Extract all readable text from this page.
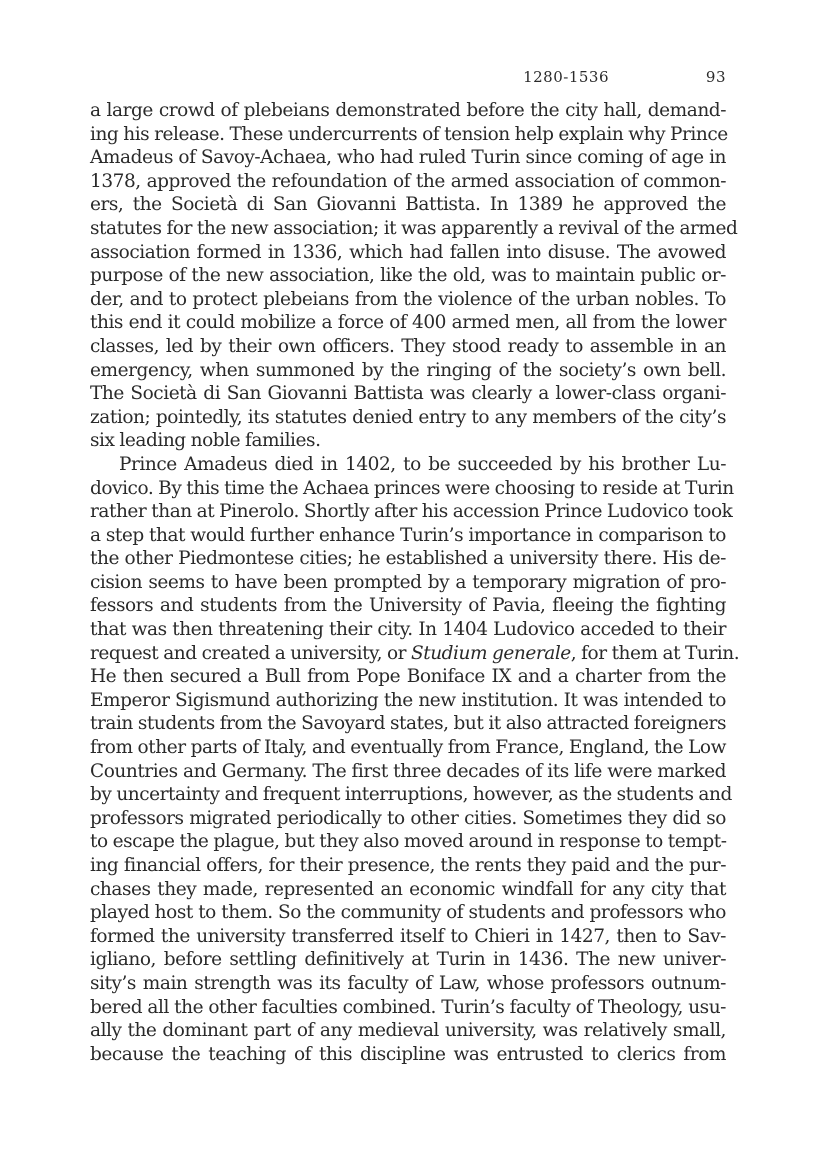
1280-1536	93
a large crowd of plebeians demonstrated before the city hall, demand-
ing his release. These undercurrents of tension help explain why Prince
Amadeus of Savoy-Achaea, who had ruled Turin since coming of age in
1378, approved the refoundation of the armed association of common-
ers, the Società di San Giovanni Battista. In 1389 he approved the
statutes for the new association; it was apparently a revival of the armed
association formed in 1336, which had fallen into disuse. The avowed
purpose of the new association, like the old, was to maintain public or-
der, and to protect plebeians from the violence of the urban nobles. To
this end it could mobilize a force of 400 armed men, all from the lower
classes, led by their own officers. They stood ready to assemble in an
emergency, when summoned by the ringing of the society’s own bell.
The Società di San Giovanni Battista was clearly a lower-class organi-
zation; pointedly, its statutes denied entry to any members of the city’s
six leading noble families.
Prince Amadeus died in 1402, to be succeeded by his brother Lu-
dovico. By this time the Achaea princes were choosing to reside at Turin
rather than at Pinerolo. Shortly after his accession Prince Ludovico took
a step that would further enhance Turin’s importance in comparison to
the other Piedmontese cities; he established a university there. His de-
cision seems to have been prompted by a temporary migration of pro-
fessors and students from the University of Pavia, fleeing the fighting
that was then threatening their city. In 1404 Ludovico acceded to their
request and created a university, or Studium generale, for them at Turin.
He then secured a Bull from Pope Boniface IX and a charter from the
Emperor Sigismund authorizing the new institution. It was intended to
train students from the Savoyard states, but it also attracted foreigners
from other parts of Italy, and eventually from France, England, the Low
Countries and Germany. The first three decades of its life were marked
by uncertainty and frequent interruptions, however, as the students and
professors migrated periodically to other cities. Sometimes they did so
to escape the plague, but they also moved around in response to tempt-
ing financial offers, for their presence, the rents they paid and the pur-
chases they made, represented an economic windfall for any city that
played host to them. So the community of students and professors who
formed the university transferred itself to Chieri in 1427, then to Sav-
igliano, before settling definitively at Turin in 1436. The new univer-
sity’s main strength was its faculty of Law, whose professors outnum-
bered all the other faculties combined. Turin’s faculty of Theology, usu-
ally the dominant part of any medieval university, was relatively small,
because the teaching of this discipline was entrusted to clerics from
